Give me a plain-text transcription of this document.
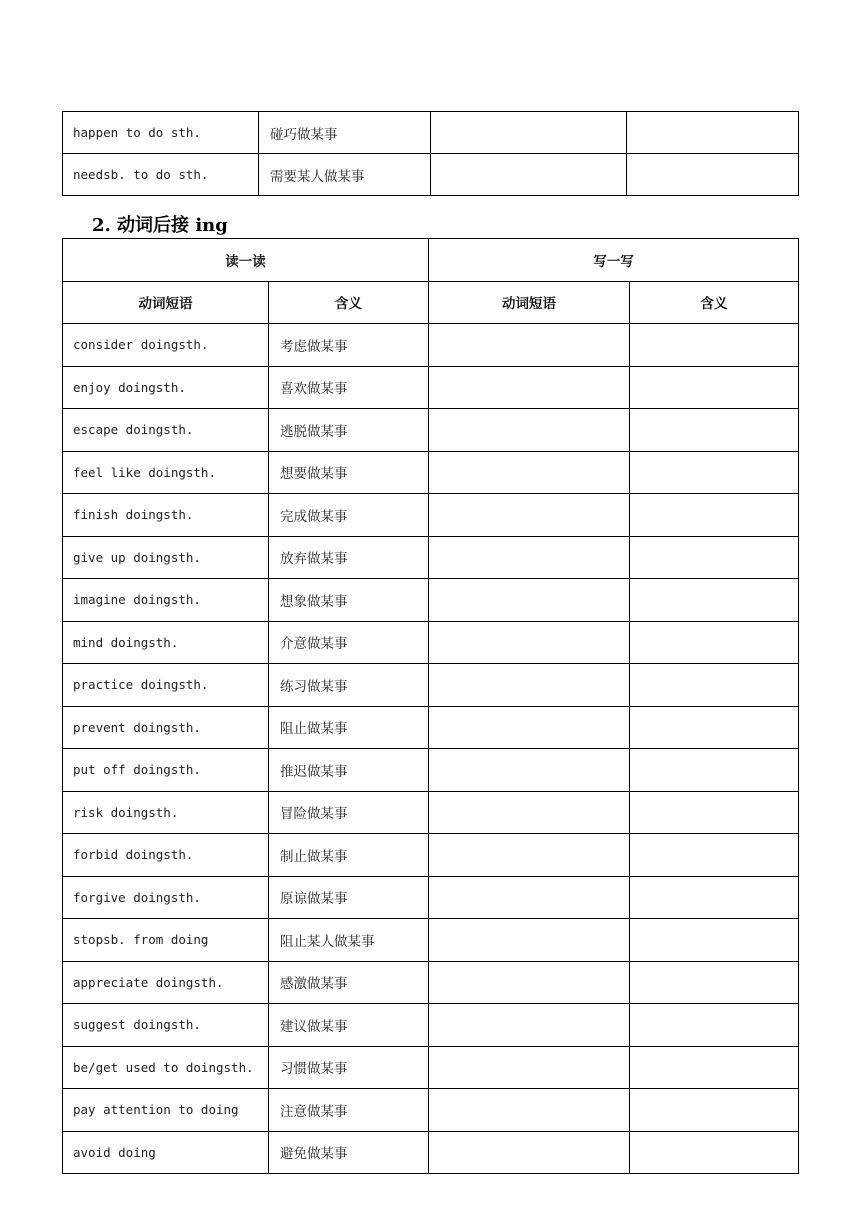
happen to do sth.	碰巧做某事		
needsb. to do sth.	需要某人做某事		
2. 动词后接 ing
读一读		写一写	
动词短语	含义	动词短语	含义
consider doingsth.	考虑做某事		
enjoy doingsth.	喜欢做某事		
escape doingsth.	逃脱做某事		
feel like doingsth.	想要做某事		
finish doingsth.	完成做某事		
give up doingsth.	放弃做某事		
imagine doingsth.	想象做某事		
mind doingsth.	介意做某事		
practice doingsth.	练习做某事		
prevent doingsth.	阻止做某事		
put off doingsth.	推迟做某事		
risk doingsth.	冒险做某事		
forbid doingsth.	制止做某事		
forgive doingsth.	原谅做某事		
stopsb. from doing	阻止某人做某事		
appreciate doingsth.	感激做某事		
suggest doingsth.	建议做某事		
be/get used to doingsth.	习惯做某事		
pay attention to doing	注意做某事		
avoid doing	避免做某事		
